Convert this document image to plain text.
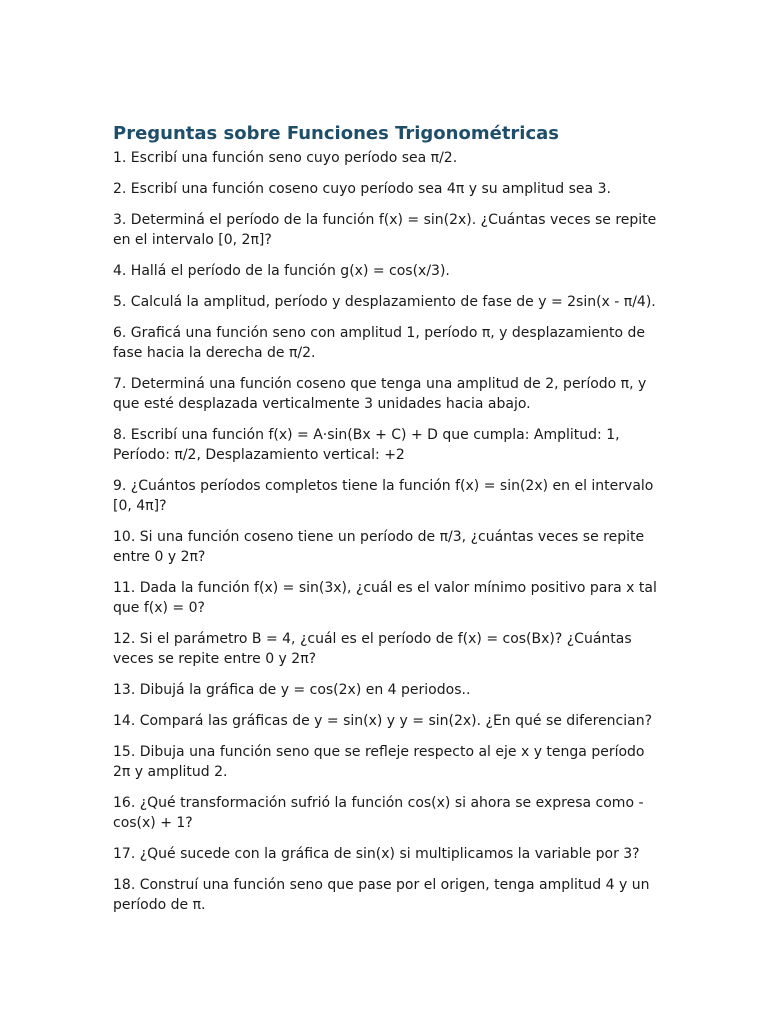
Preguntas sobre Funciones Trigonométricas
1. Escribí una función seno cuyo período sea π/2.
2. Escribí una función coseno cuyo período sea 4π y su amplitud sea 3.
3. Determiná el período de la función f(x) = sin(2x). ¿Cuántas veces se repite en el intervalo [0, 2π]?
4. Hallá el período de la función g(x) = cos(x/3).
5. Calculá la amplitud, período y desplazamiento de fase de y = 2sin(x - π/4).
6. Graficá una función seno con amplitud 1, período π, y desplazamiento de fase hacia la derecha de π/2.
7. Determiná una función coseno que tenga una amplitud de 2, período π, y que esté desplazada verticalmente 3 unidades hacia abajo.
8. Escribí una función f(x) = A·sin(Bx + C) + D que cumpla: Amplitud: 1, Período: π/2, Desplazamiento vertical: +2
9. ¿Cuántos períodos completos tiene la función f(x) = sin(2x) en el intervalo [0, 4π]?
10. Si una función coseno tiene un período de π/3, ¿cuántas veces se repite entre 0 y 2π?
11. Dada la función f(x) = sin(3x), ¿cuál es el valor mínimo positivo para x tal que f(x) = 0?
12. Si el parámetro B = 4, ¿cuál es el período de f(x) = cos(Bx)? ¿Cuántas veces se repite entre 0 y 2π?
13. Dibujá la gráfica de y = cos(2x) en 4 periodos..
14. Compará las gráficas de y = sin(x) y y = sin(2x). ¿En qué se diferencian?
15. Dibuja una función seno que se refleje respecto al eje x y tenga período 2π y amplitud 2.
16. ¿Qué transformación sufrió la función cos(x) si ahora se expresa como -cos(x) + 1?
17. ¿Qué sucede con la gráfica de sin(x) si multiplicamos la variable por 3?
18. Construí una función seno que pase por el origen, tenga amplitud 4 y un período de π.
